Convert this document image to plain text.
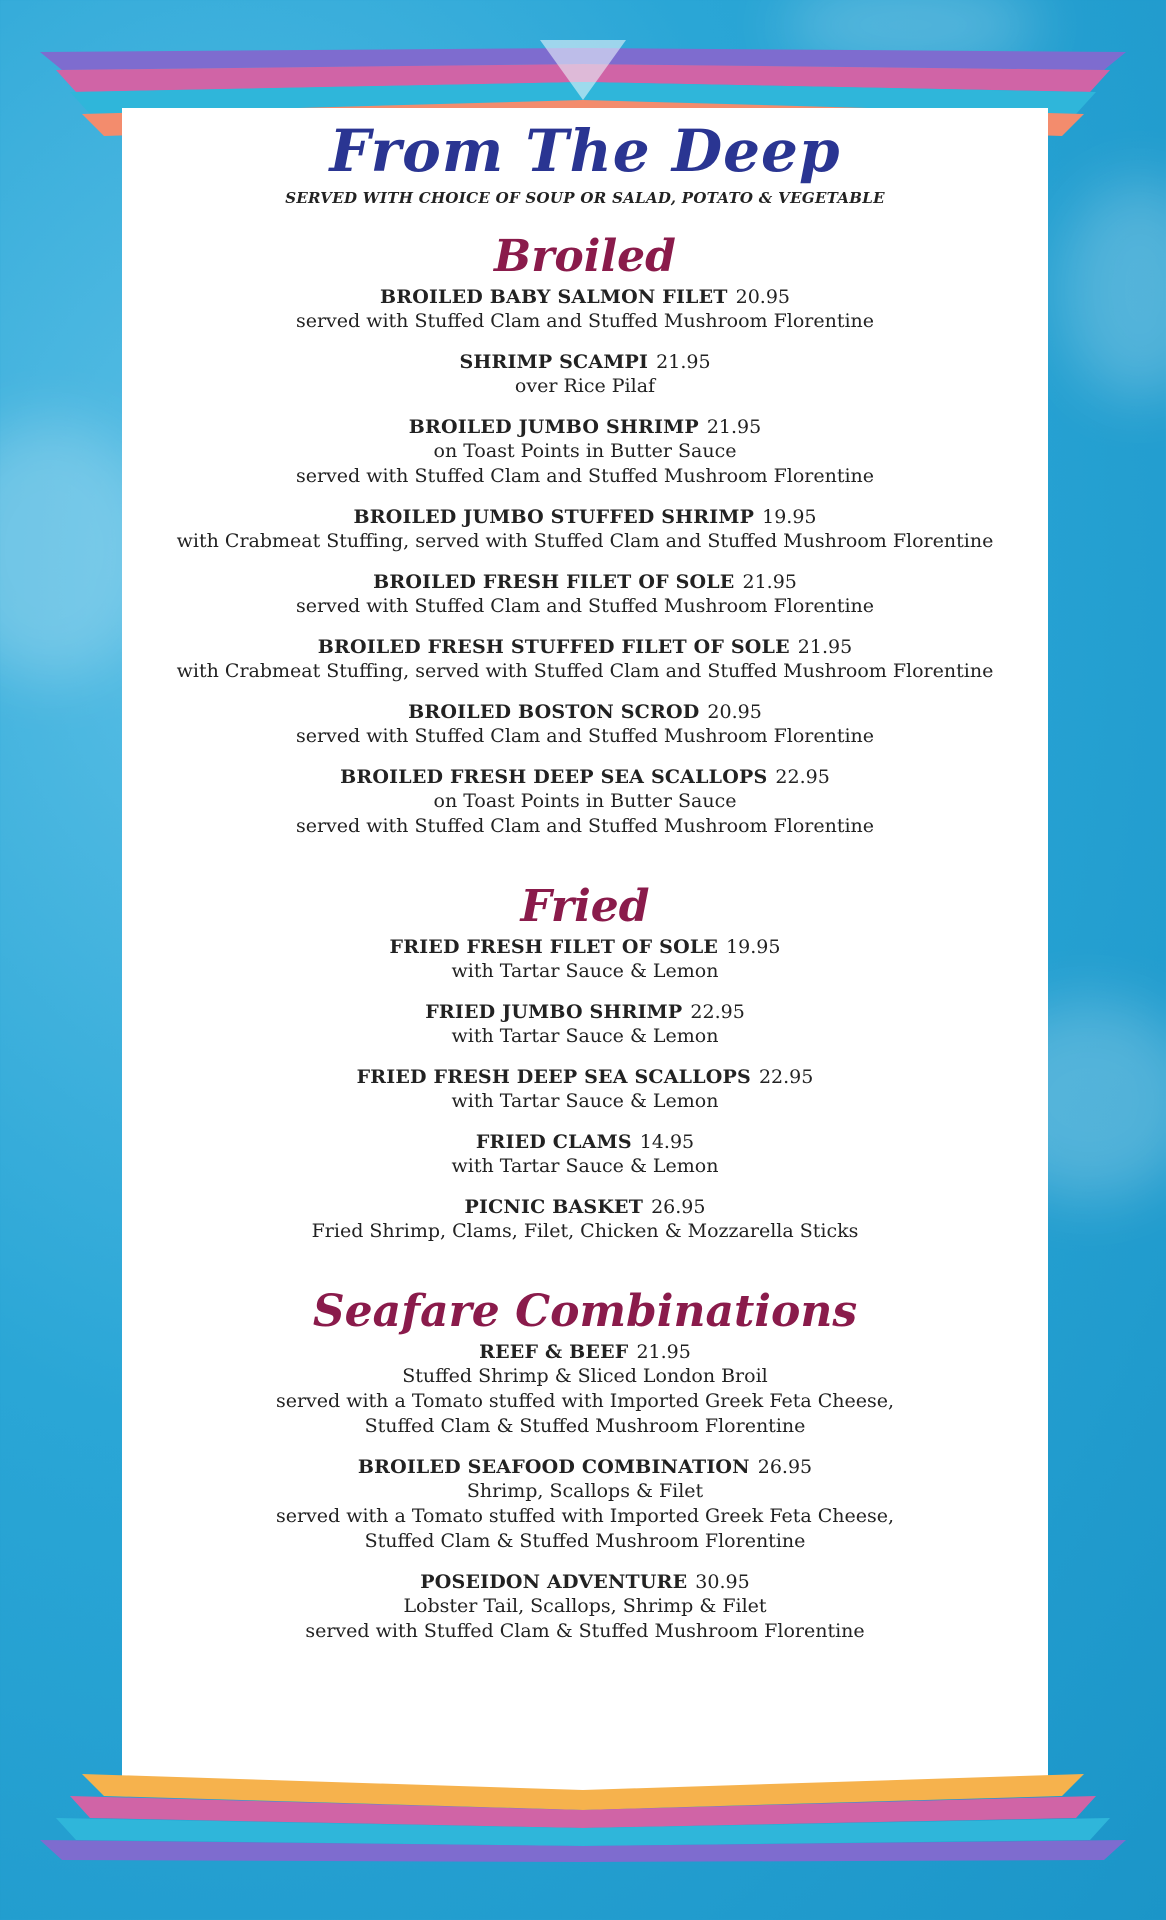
From The Deep
SERVED WITH CHOICE OF SOUP OR SALAD, POTATO & VEGETABLE
Broiled
BROILED BABY SALMON FILET 20.95
served with Stuffed Clam and Stuffed Mushroom Florentine
SHRIMP SCAMPI 21.95
over Rice Pilaf
BROILED JUMBO SHRIMP 21.95
on Toast Points in Butter Sauce
served with Stuffed Clam and Stuffed Mushroom Florentine
BROILED JUMBO STUFFED SHRIMP 19.95
with Crabmeat Stuffing, served with Stuffed Clam and Stuffed Mushroom Florentine
BROILED FRESH FILET OF SOLE 21.95
served with Stuffed Clam and Stuffed Mushroom Florentine
BROILED FRESH STUFFED FILET OF SOLE 21.95
with Crabmeat Stuffing, served with Stuffed Clam and Stuffed Mushroom Florentine
BROILED BOSTON SCROD 20.95
served with Stuffed Clam and Stuffed Mushroom Florentine
BROILED FRESH DEEP SEA SCALLOPS 22.95
on Toast Points in Butter Sauce
served with Stuffed Clam and Stuffed Mushroom Florentine
Fried
FRIED FRESH FILET OF SOLE 19.95
with Tartar Sauce & Lemon
FRIED JUMBO SHRIMP 22.95
with Tartar Sauce & Lemon
FRIED FRESH DEEP SEA SCALLOPS 22.95
with Tartar Sauce & Lemon
FRIED CLAMS 14.95
with Tartar Sauce & Lemon
PICNIC BASKET 26.95
Fried Shrimp, Clams, Filet, Chicken & Mozzarella Sticks
Seafare Combinations
REEF & BEEF 21.95
Stuffed Shrimp & Sliced London Broil
served with a Tomato stuffed with Imported Greek Feta Cheese,
Stuffed Clam & Stuffed Mushroom Florentine
BROILED SEAFOOD COMBINATION 26.95
Shrimp, Scallops & Filet
served with a Tomato stuffed with Imported Greek Feta Cheese,
Stuffed Clam & Stuffed Mushroom Florentine
POSEIDON ADVENTURE 30.95
Lobster Tail, Scallops, Shrimp & Filet
served with Stuffed Clam & Stuffed Mushroom Florentine
